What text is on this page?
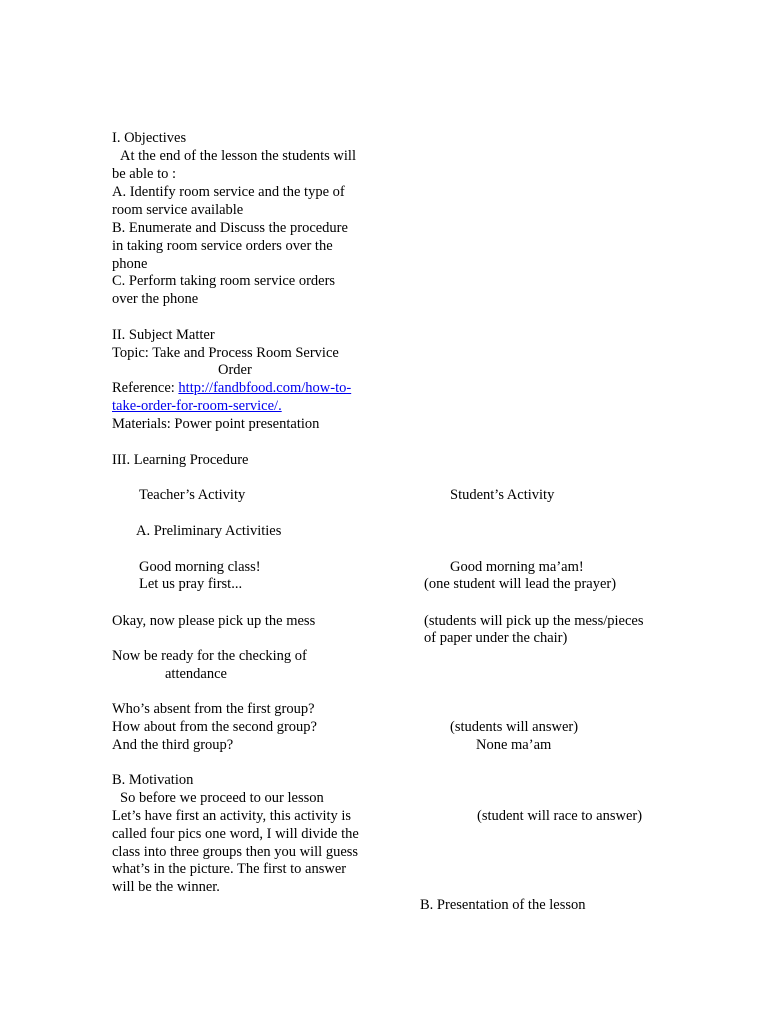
I. Objectives
At the end of the lesson the students will
be able to :
A. Identify room service and the type of
room service available
B. Enumerate and Discuss the procedure
in taking room service orders over the
phone
C. Perform taking room service orders
over the phone
II. Subject Matter
Topic: Take and Process Room Service
Order
Reference: http://fandbfood.com/how-to-
take-order-for-room-service/.
Materials: Power point presentation
III. Learning Procedure
Teacher’s Activity	Student’s Activity
A. Preliminary Activities
Good morning class!	Good morning ma’am!
Let us pray first...	(one student will lead the prayer)
Okay, now please pick up the mess	(students will pick up the mess/pieces
of paper under the chair)
Now be ready for the checking of
attendance
Who’s absent from the first group?
How about from the second group?	(students will answer)
And the third group?	None ma’am
B. Motivation
So before we proceed to our lesson
Let’s have first an activity, this activity is	(student will race to answer)
called four pics one word, I will divide the
class into three groups then you will guess
what’s in the picture. The first to answer
will be the winner.
B. Presentation of the lesson
